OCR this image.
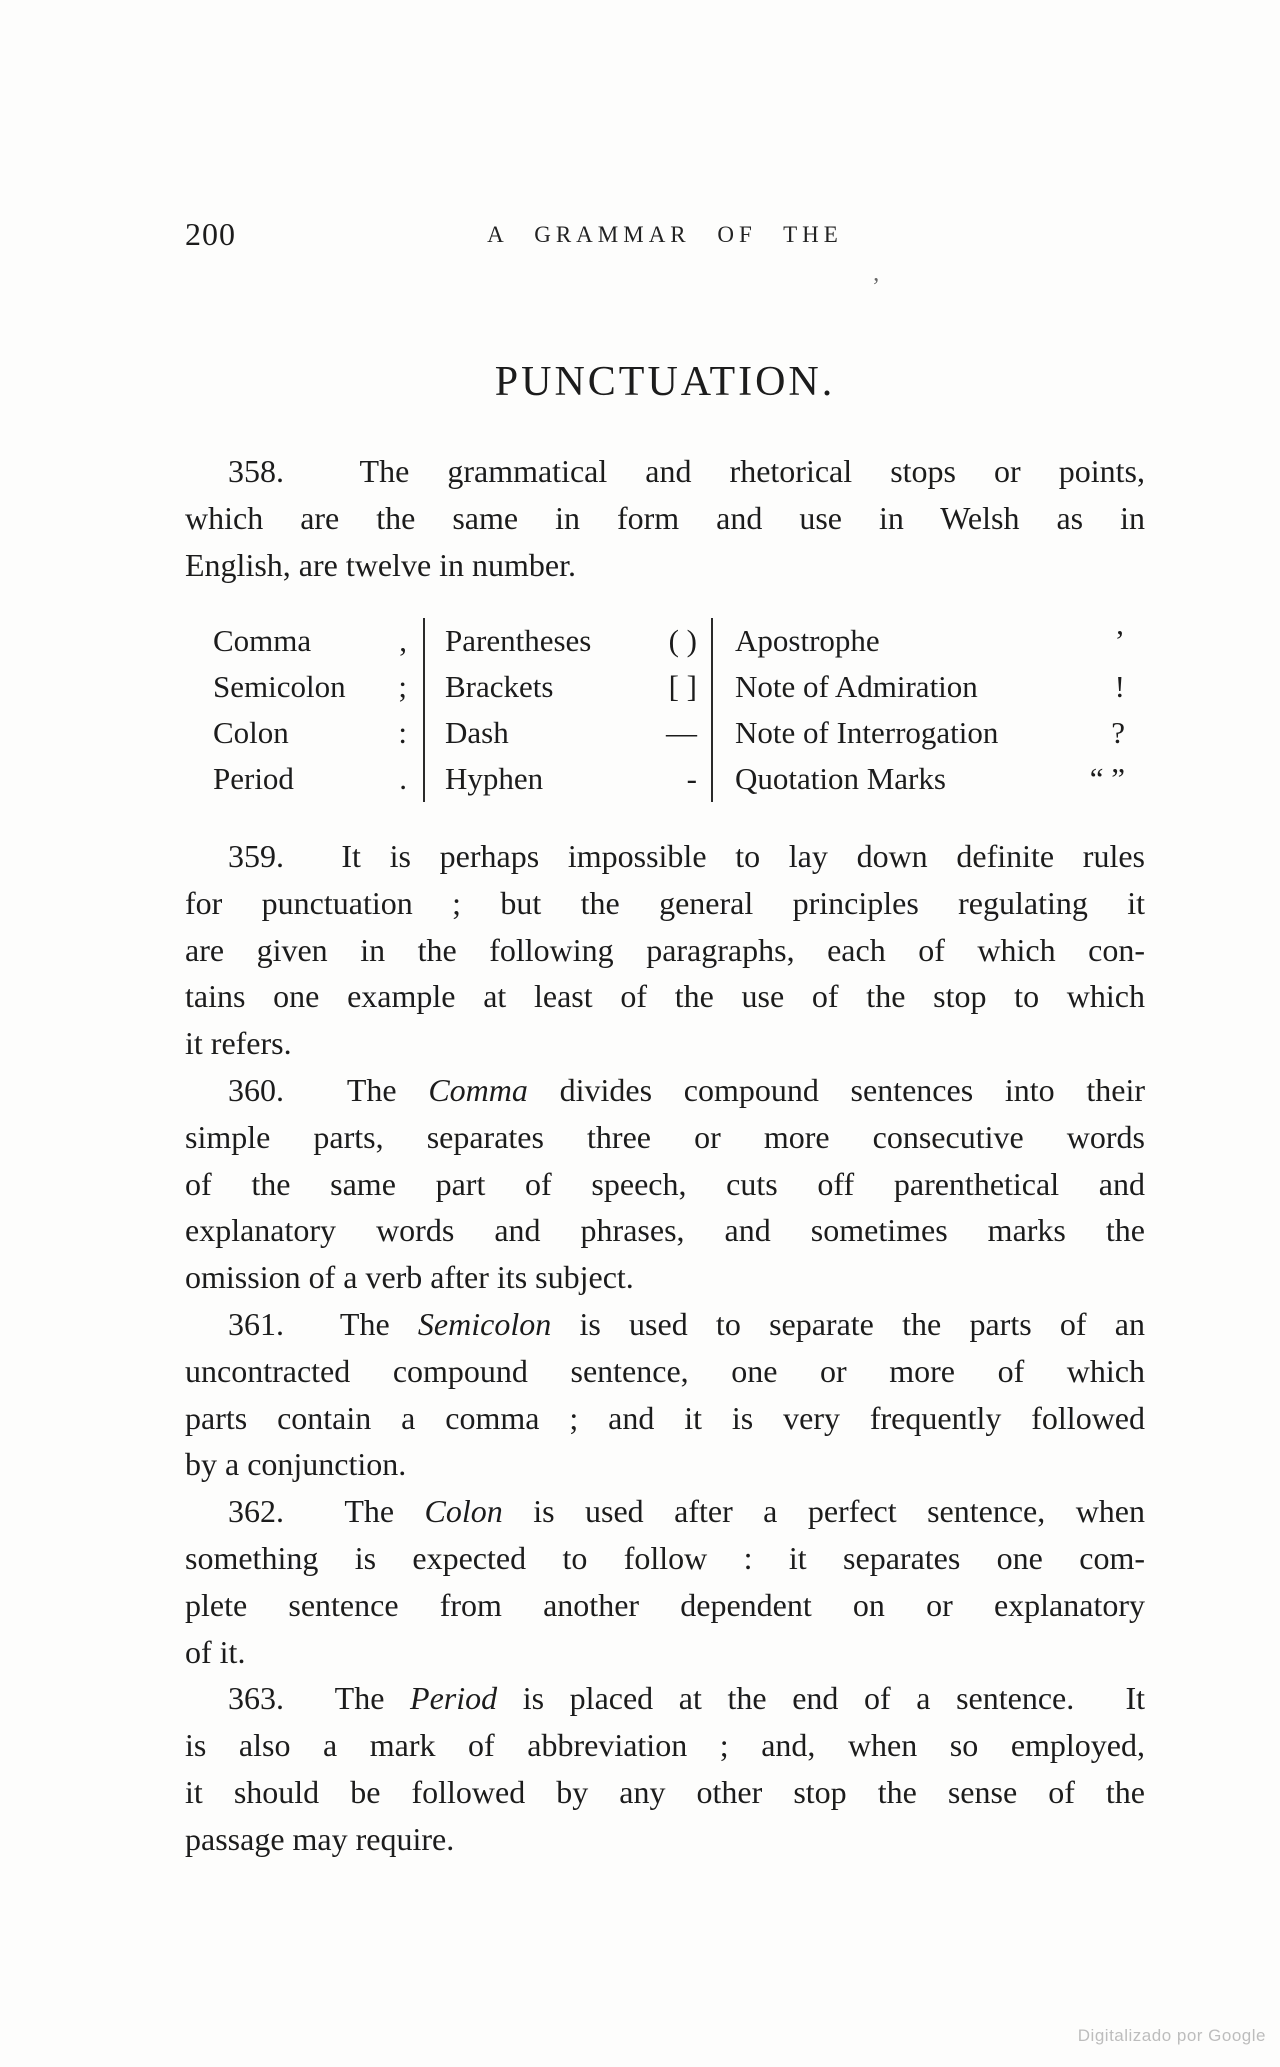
200	A GRAMMAR OF THE
’
PUNCTUATION.
358.  The grammatical and rhetorical stops or points,
which are the same in form and use in Welsh as in
English, are twelve in number.
Comma	, Parentheses ( ) Apostrophe	’
Semicolon ; Brackets	[ ] Note of Admiration	!
Colon	: Dash	— Note of Interrogation	?
Period	. Hyphen	- Quotation Marks	“ ”
359.  It is perhaps impossible to lay down definite rules
for punctuation ; but the general principles regulating it
are given in the following paragraphs, each of which con-
tains one example at least of the use of the stop to which
it refers.
360.  The Comma divides compound sentences into their
simple parts, separates three or more consecutive words
of the same part of speech, cuts off parenthetical and
explanatory words and phrases, and sometimes marks the
omission of a verb after its subject.
361.  The Semicolon is used to separate the parts of an
uncontracted compound sentence, one or more of which
parts contain a comma ; and it is very frequently followed
by a conjunction.
362.  The Colon is used after a perfect sentence, when
something is expected to follow : it separates one com-
plete sentence from another dependent on or explanatory
of it.
363.  The Period is placed at the end of a sentence.  It
is also a mark of abbreviation ; and, when so employed,
it should be followed by any other stop the sense of the
passage may require.
Digitalizado por Google
